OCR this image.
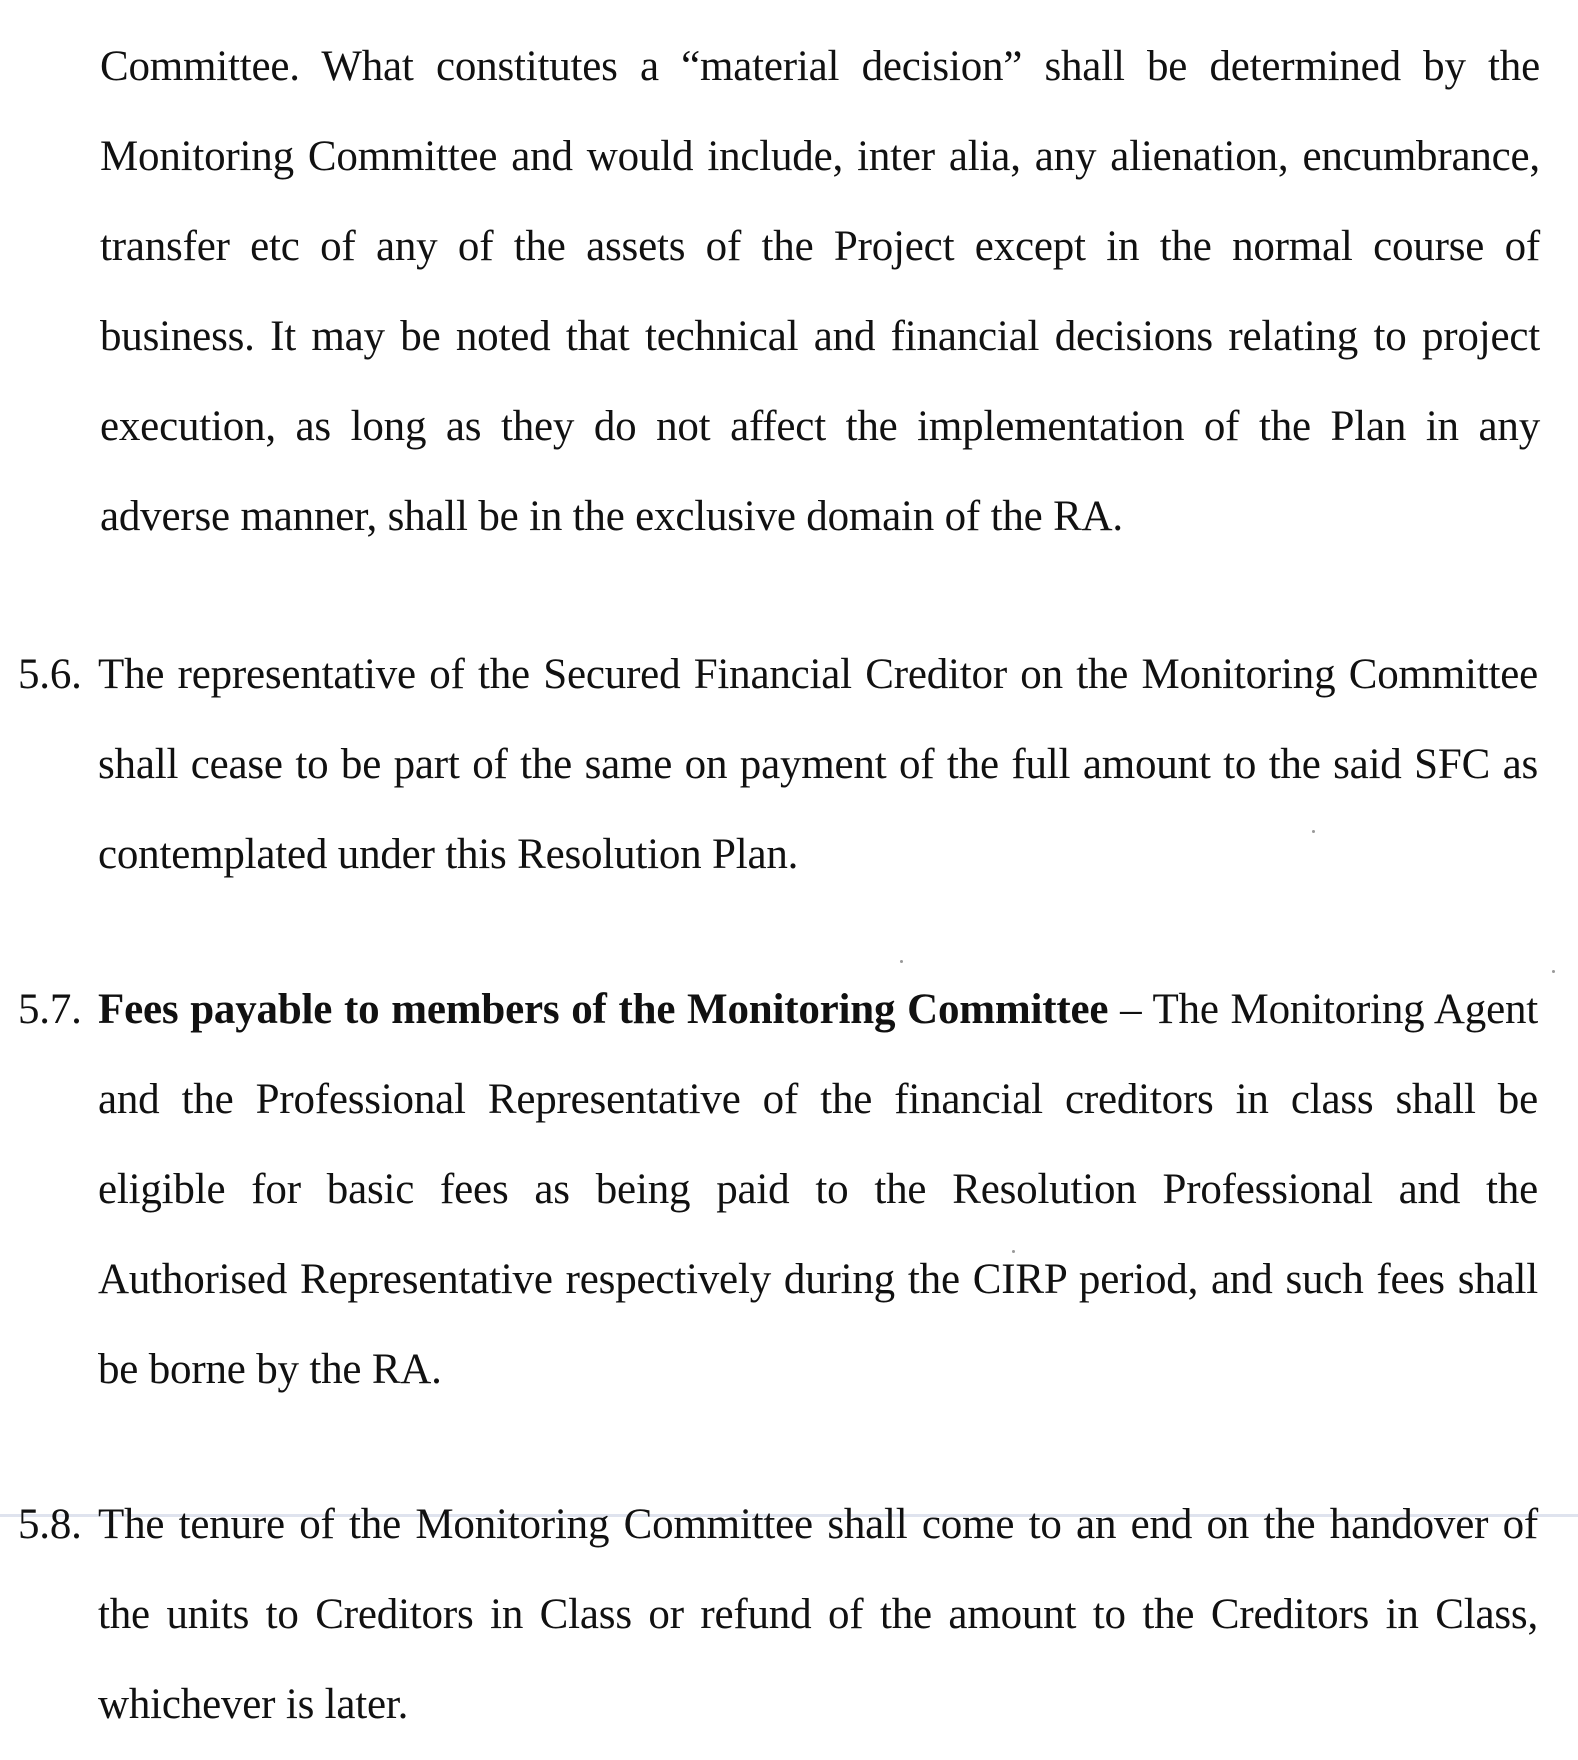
Committee. What constitutes a “material decision” shall be determined by the Monitoring Committee and would include, inter alia, any alienation, encumbrance, transfer etc of any of the assets of the Project except in the normal course of business. It may be noted that technical and financial decisions relating to project execution, as long as they do not affect the implementation of the Plan in any adverse manner, shall be in the exclusive domain of the RA.
5.6. The representative of the Secured Financial Creditor on the Monitoring Committee shall cease to be part of the same on payment of the full amount to the said SFC as contemplated under this Resolution Plan.
5.7. Fees payable to members of the Monitoring Committee – The Monitoring Agent and the Professional Representative of the financial creditors in class shall be eligible for basic fees as being paid to the Resolution Professional and the Authorised Representative respectively during the CIRP period, and such fees shall be borne by the RA.
5.8. The tenure of the Monitoring Committee shall come to an end on the handover of the units to Creditors in Class or refund of the amount to the Creditors in Class, whichever is later.
